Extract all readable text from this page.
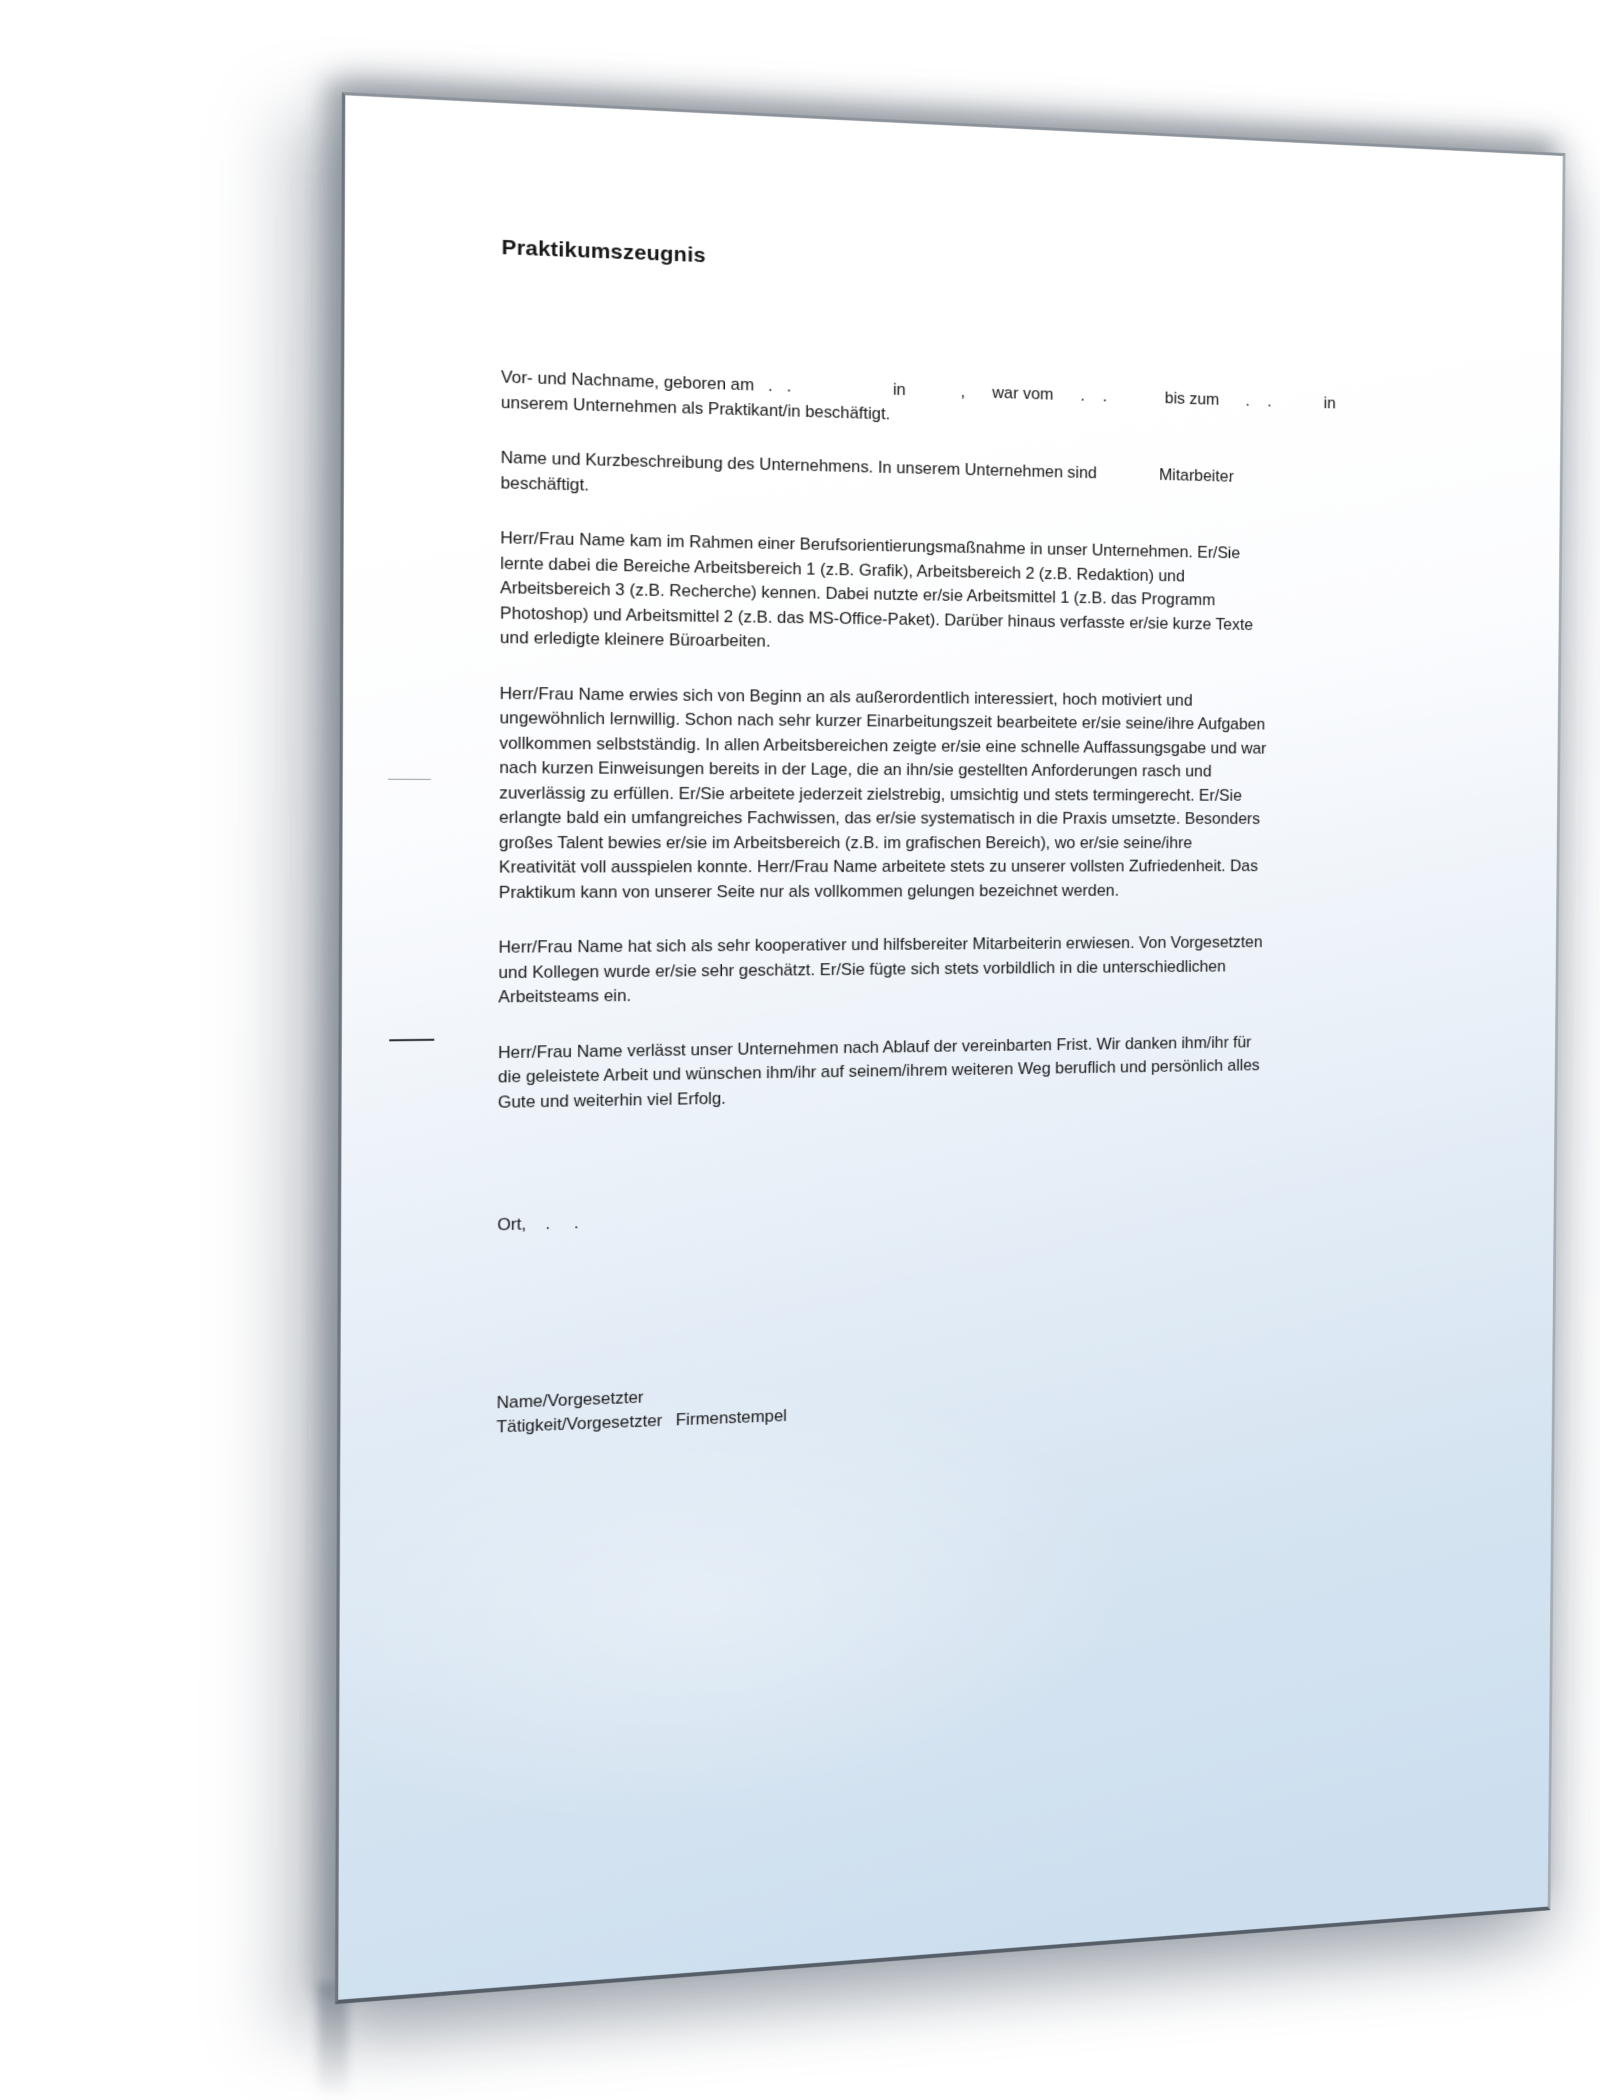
Praktikumszeugnis

Vor- und Nachname, geboren am   .   .                      in            ,      war vom      .    .             bis zum      .    .            in
unserem Unternehmen als Praktikant/in beschäftigt.

Name und Kurzbeschreibung des Unternehmens. In unserem Unternehmen sind              Mitarbeiter
beschäftigt.

Herr/Frau Name kam im Rahmen einer Berufsorientierungsmaßnahme in unser Unternehmen. Er/Sie
lernte dabei die Bereiche Arbeitsbereich 1 (z.B. Grafik), Arbeitsbereich 2 (z.B. Redaktion) und
Arbeitsbereich 3 (z.B. Recherche) kennen. Dabei nutzte er/sie Arbeitsmittel 1 (z.B. das Programm
Photoshop) und Arbeitsmittel 2 (z.B. das MS-Office-Paket). Darüber hinaus verfasste er/sie kurze Texte
und erledigte kleinere Büroarbeiten.

Herr/Frau Name erwies sich von Beginn an als außerordentlich interessiert, hoch motiviert und
ungewöhnlich lernwillig. Schon nach sehr kurzer Einarbeitungszeit bearbeitete er/sie seine/ihre Aufgaben
vollkommen selbstständig. In allen Arbeitsbereichen zeigte er/sie eine schnelle Auffassungsgabe und war
nach kurzen Einweisungen bereits in der Lage, die an ihn/sie gestellten Anforderungen rasch und
zuverlässig zu erfüllen. Er/Sie arbeitete jederzeit zielstrebig, umsichtig und stets termingerecht. Er/Sie
erlangte bald ein umfangreiches Fachwissen, das er/sie systematisch in die Praxis umsetzte. Besonders
großes Talent bewies er/sie im Arbeitsbereich (z.B. im grafischen Bereich), wo er/sie seine/ihre
Kreativität voll ausspielen konnte. Herr/Frau Name arbeitete stets zu unserer vollsten Zufriedenheit. Das
Praktikum kann von unserer Seite nur als vollkommen gelungen bezeichnet werden.

Herr/Frau Name hat sich als sehr kooperativer und hilfsbereiter Mitarbeiterin erwiesen. Von Vorgesetzten
und Kollegen wurde er/sie sehr geschätzt. Er/Sie fügte sich stets vorbildlich in die unterschiedlichen
Arbeitsteams ein.

Herr/Frau Name verlässt unser Unternehmen nach Ablauf der vereinbarten Frist. Wir danken ihm/ihr für
die geleistete Arbeit und wünschen ihm/ihr auf seinem/ihrem weiteren Weg beruflich und persönlich alles
Gute und weiterhin viel Erfolg.

Ort,    .     .

Name/Vorgesetzter
Tätigkeit/Vorgesetzter Firmenstempel
